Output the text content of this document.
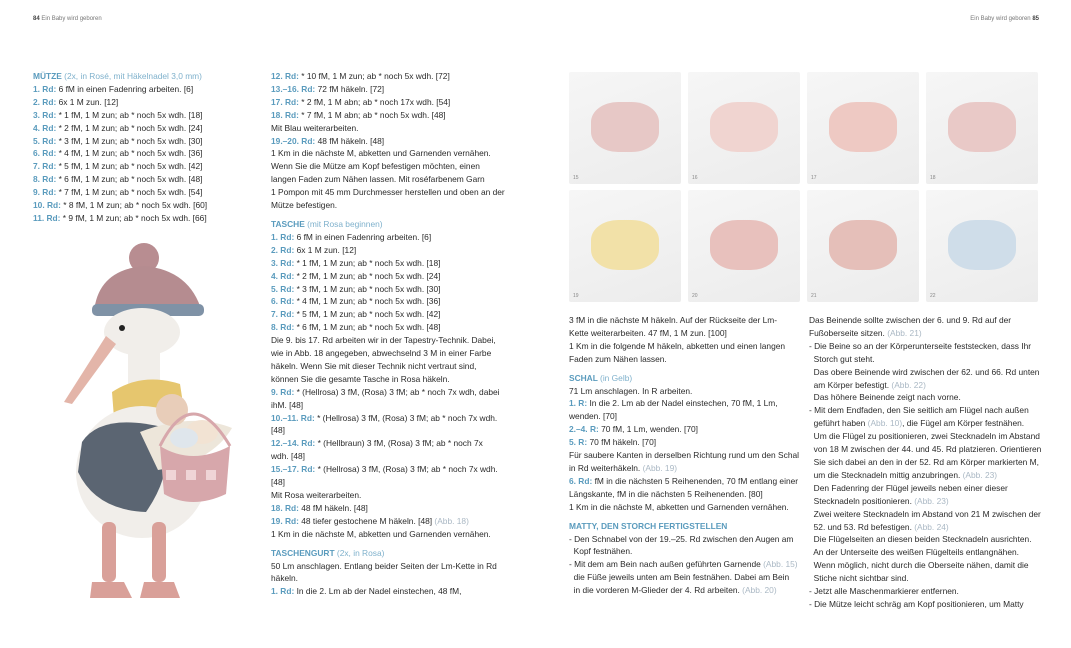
84 Ein Baby wird geboren	Ein Baby wird geboren 85
MÜTZE (2x, in Rosé, mit Häkelnadel 3,0 mm)
1. Rd: 6 fM in einen Fadenring arbeiten. [6]
2. Rd: 6x 1 M zun. [12]
3. Rd: * 1 fM, 1 M zun; ab * noch 5x wdh. [18]
4. Rd: * 2 fM, 1 M zun; ab * noch 5x wdh. [24]
5. Rd: * 3 fM, 1 M zun; ab * noch 5x wdh. [30]
6. Rd: * 4 fM, 1 M zun; ab * noch 5x wdh. [36]
7. Rd: * 5 fM, 1 M zun; ab * noch 5x wdh. [42]
8. Rd: * 6 fM, 1 M zun; ab * noch 5x wdh. [48]
9. Rd: * 7 fM, 1 M zun; ab * noch 5x wdh. [54]
10. Rd: * 8 fM, 1 M zun; ab * noch 5x wdh. [60]
11. Rd: * 9 fM, 1 M zun; ab * noch 5x wdh. [66]
12. Rd: * 10 fM, 1 M zun; ab * noch 5x wdh. [72]
13.–16. Rd: 72 fM häkeln. [72]
17. Rd: * 2 fM, 1 M abn; ab * noch 17x wdh. [54]
18. Rd: * 7 fM, 1 M abn; ab * noch 5x wdh. [48]
Mit Blau weiterarbeiten.
19.–20. Rd: 48 fM häkeln. [48]
1 Km in die nächste M, abketten und Garnenden vernähen.
Wenn Sie die Mütze am Kopf befestigen möchten, einen
langen Faden zum Nähen lassen. Mit roséfarbenem Garn
1 Pompon mit 45 mm Durchmesser herstellen und oben an der
Mütze befestigen.
TASCHE (mit Rosa beginnen)
1. Rd: 6 fM in einen Fadenring arbeiten. [6]
2. Rd: 6x 1 M zun. [12]
3. Rd: * 1 fM, 1 M zun; ab * noch 5x wdh. [18]
4. Rd: * 2 fM, 1 M zun; ab * noch 5x wdh. [24]
5. Rd: * 3 fM, 1 M zun; ab * noch 5x wdh. [30]
6. Rd: * 4 fM, 1 M zun; ab * noch 5x wdh. [36]
7. Rd: * 5 fM, 1 M zun; ab * noch 5x wdh. [42]
8. Rd: * 6 fM, 1 M zun; ab * noch 5x wdh. [48]
Die 9. bis 17. Rd arbeiten wir in der Tapestry-Technik. Dabei,
wie in Abb. 18 angegeben, abwechselnd 3 M in einer Farbe
häkeln. Wenn Sie mit dieser Technik nicht vertraut sind,
können Sie die gesamte Tasche in Rosa häkeln.
9. Rd: * (Hellrosa) 3 fM, (Rosa) 3 fM; ab * noch 7x wdh, dabei
ihM. [48]
10.–11. Rd: * (Hellrosa) 3 fM, (Rosa) 3 fM; ab * noch 7x wdh.
[48]
12.–14. Rd: * (Hellbraun) 3 fM, (Rosa) 3 fM; ab * noch 7x
wdh. [48]
15.–17. Rd: * (Hellrosa) 3 fM, (Rosa) 3 fM; ab * noch 7x wdh.
[48]
Mit Rosa weiterarbeiten.
18. Rd: 48 fM häkeln. [48]
19. Rd: 48 tiefer gestochene M häkeln. [48] (Abb. 18)
1 Km in die nächste M, abketten und Garnenden vernähen.
TASCHENGURT (2x, in Rosa)
50 Lm anschlagen. Entlang beider Seiten der Lm-Kette in Rd
häkeln.
1. Rd: In die 2. Lm ab der Nadel einstechen, 48 fM,
15	16	17	18
19	20	21	22
3 fM in die nächste M häkeln. Auf der Rückseite der Lm-
Kette weiterarbeiten. 47 fM, 1 M zun. [100]
1 Km in die folgende M häkeln, abketten und einen langen
Faden zum Nähen lassen.
SCHAL (in Gelb)
71 Lm anschlagen. In R arbeiten.
1. R: In die 2. Lm ab der Nadel einstechen, 70 fM, 1 Lm,
wenden. [70]
2.–4. R: 70 fM, 1 Lm, wenden. [70]
5. R: 70 fM häkeln. [70]
Für saubere Kanten in derselben Richtung rund um den Schal
in Rd weiterhäkeln. (Abb. 19)
6. Rd: fM in die nächsten 5 Reihenenden, 70 fM entlang einer
Längskante, fM in die nächsten 5 Reihenenden. [80]
1 Km in die nächste M, abketten und Garnenden vernähen.
MATTY, DEN STORCH FERTIGSTELLEN
- Den Schnabel von der 19.–25. Rd zwischen den Augen am
Kopf festnähen.
- Mit dem am Bein nach außen geführten Garnende (Abb. 15)
die Füße jeweils unten am Bein festnähen. Dabei am Bein
in die vorderen M-Glieder der 4. Rd arbeiten. (Abb. 20)
Das Beinende sollte zwischen der 6. und 9. Rd auf der
Fußoberseite sitzen. (Abb. 21)
- Die Beine so an der Körperunterseite feststecken, dass Ihr
Storch gut steht.
Das obere Beinende wird zwischen der 62. und 66. Rd unten
am Körper befestigt. (Abb. 22)
Das höhere Beinende zeigt nach vorne.
- Mit dem Endfaden, den Sie seitlich am Flügel nach außen
geführt haben (Abb. 10), die Fügel am Körper festnähen.
Um die Flügel zu positionieren, zwei Stecknadeln im Abstand
von 18 M zwischen der 44. und 45. Rd platzieren. Orientieren
Sie sich dabei an den in der 52. Rd am Körper markierten M,
um die Stecknadeln mittig anzubringen. (Abb. 23)
Den Fadenring der Flügel jeweils neben einer dieser
Stecknadeln positionieren. (Abb. 23)
Zwei weitere Stecknadeln im Abstand von 21 M zwischen der
52. und 53. Rd befestigen. (Abb. 24)
Die Flügelseiten an diesen beiden Stecknadeln ausrichten.
An der Unterseite des weißen Flügelteils entlangnähen.
Wenn möglich, nicht durch die Oberseite nähen, damit die
Stiche nicht sichtbar sind.
- Jetzt alle Maschenmarkierer entfernen.
- Die Mütze leicht schräg am Kopf positionieren, um Matty
